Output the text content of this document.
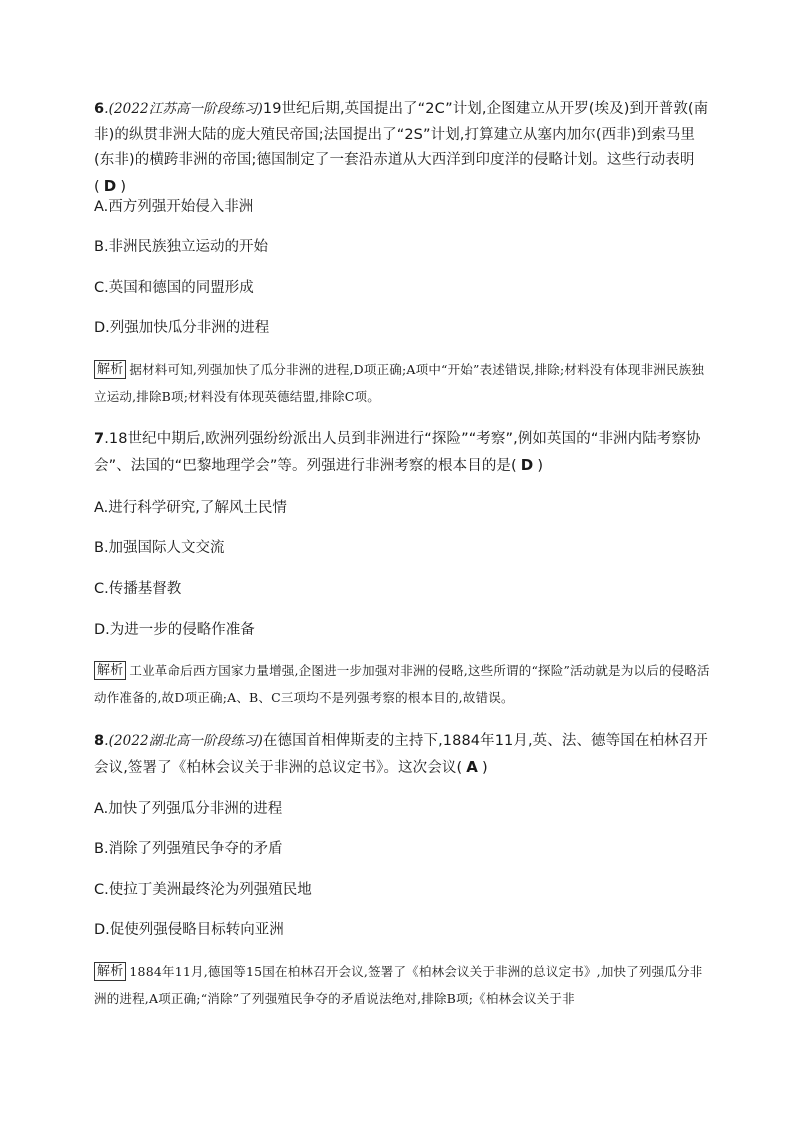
6.(2022江苏高一阶段练习)19世纪后期,英国提出了“2C”计划,企图建立从开罗(埃及)到开普敦(南非)的纵贯非洲大陆的庞大殖民帝国;法国提出了“2S”计划,打算建立从塞内加尔(西非)到索马里(东非)的横跨非洲的帝国;德国制定了一套沿赤道从大西洋到印度洋的侵略计划。这些行动表明( D )
A.西方列强开始侵入非洲
B.非洲民族独立运动的开始
C.英国和德国的同盟形成
D.列强加快瓜分非洲的进程
解析 据材料可知,列强加快了瓜分非洲的进程,D项正确;A项中“开始”表述错误,排除;材料没有体现非洲民族独立运动,排除B项;材料没有体现英德结盟,排除C项。
7.18世纪中期后,欧洲列强纷纷派出人员到非洲进行“探险”“考察”,例如英国的“非洲内陆考察协会”、法国的“巴黎地理学会”等。列强进行非洲考察的根本目的是( D )
A.进行科学研究,了解风土民情
B.加强国际人文交流
C.传播基督教
D.为进一步的侵略作准备
解析 工业革命后西方国家力量增强,企图进一步加强对非洲的侵略,这些所谓的“探险”活动就是为以后的侵略活动作准备的,故D项正确;A、B、C三项均不是列强考察的根本目的,故错误。
8.(2022湖北高一阶段练习)在德国首相俾斯麦的主持下,1884年11月,英、法、德等国在柏林召开会议,签署了《柏林会议关于非洲的总议定书》。这次会议( A )
A.加快了列强瓜分非洲的进程
B.消除了列强殖民争夺的矛盾
C.使拉丁美洲最终沦为列强殖民地
D.促使列强侵略目标转向亚洲
解析 1884年11月,德国等15国在柏林召开会议,签署了《柏林会议关于非洲的总议定书》,加快了列强瓜分非洲的进程,A项正确;“消除”了列强殖民争夺的矛盾说法绝对,排除B项;《柏林会议关于非
